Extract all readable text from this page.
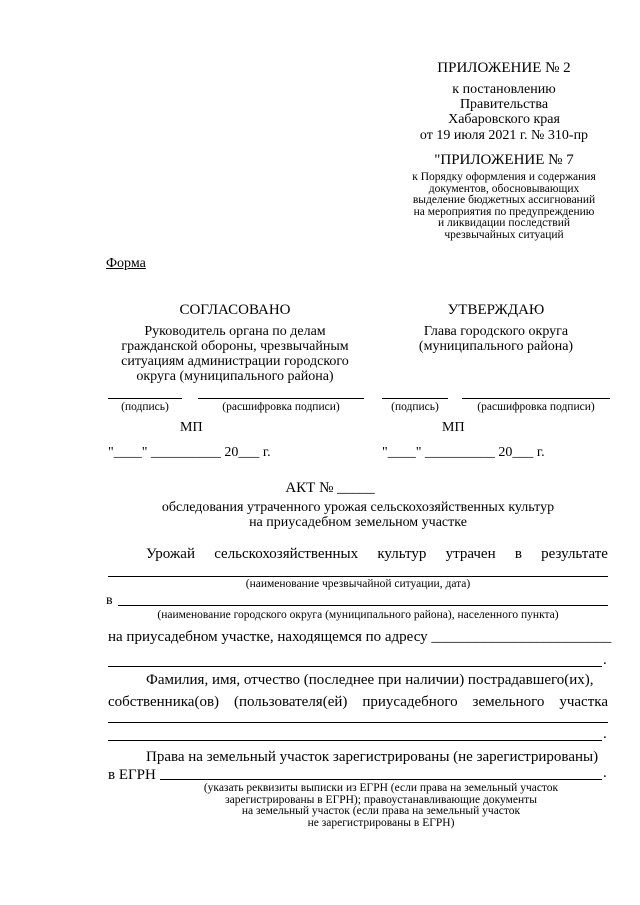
ПРИЛОЖЕНИЕ № 2
к постановлению
Правительства
Хабаровского края
от 19 июля 2021 г. № 310-пр
"ПРИЛОЖЕНИЕ № 7
к Порядку оформления и содержания
документов, обосновывающих
выделение бюджетных ассигнований
на мероприятия по предупреждению
и ликвидации последствий
чрезвычайных ситуаций
Форма
СОГЛАСОВАНО
Руководитель органа по делам
гражданской обороны, чрезвычайным
ситуациям администрации городского
округа (муниципального района)
УТВЕРЖДАЮ
Глава городского округа
(муниципального района)
(подпись)	(расшифровка подписи)	(подпись)	(расшифровка подписи)
МП	МП
"____" __________ 20___ г.	"____" __________ 20___ г.
АКТ № _____
обследования утраченного урожая сельскохозяйственных культур
на приусадебном земельном участке
Урожай сельскохозяйственных культур утрачен в результате
(наименование чрезвычайной ситуации, дата)
в
(наименование городского округа (муниципального района), населенного пункта)
на приусадебном участке, находящемся по адресу ________________________
.
Фамилия, имя, отчество (последнее при наличии) пострадавшего(их),
собственника(ов) (пользователя(ей) приусадебного земельного участка
.
Права на земельный участок зарегистрированы (не зарегистрированы)
в ЕГРН	.
(указать реквизиты выписки из ЕГРН (если права на земельный участок
зарегистрированы в ЕГРН); правоустанавливающие документы
на земельный участок (если права на земельный участок
не зарегистрированы в ЕГРН)
